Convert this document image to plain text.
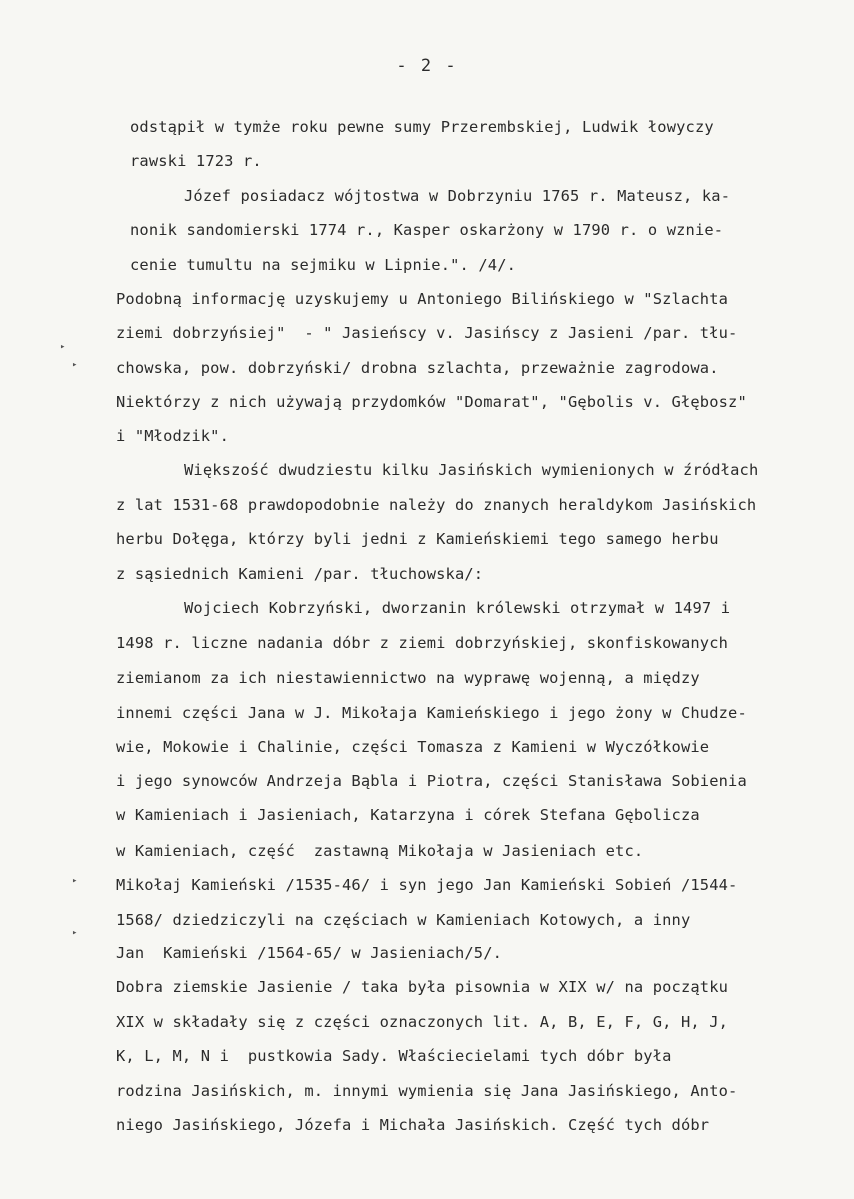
- 2 -
odstąpił w tymże roku pewne sumy Przerembskiej, Ludwik łowyczy
rawski 1723 r.
Józef posiadacz wójtostwa w Dobrzyniu 1765 r. Mateusz, ka-
nonik sandomierski 1774 r., Kasper oskarżony w 1790 r. o wznie-
cenie tumultu na sejmiku w Lipnie.". /4/.
Podobną informację uzyskujemy u Antoniego Bilińskiego w "Szlachta
ziemi dobrzyńsiej"  - " Jasieńscy v. Jasińscy z Jasieni /par. tłu-
chowska, pow. dobrzyński/ drobna szlachta, przeważnie zagrodowa.
Niektórzy z nich używają przydomków "Domarat", "Gębolis v. Głębosz"
i "Młodzik".
Większość dwudziestu kilku Jasińskich wymienionych w źródłach
z lat 1531-68 prawdopodobnie należy do znanych heraldykom Jasińskich
herbu Dołęga, którzy byli jedni z Kamieńskiemi tego samego herbu
z sąsiednich Kamieni /par. tłuchowska/:
Wojciech Kobrzyński, dworzanin królewski otrzymał w 1497 i
1498 r. liczne nadania dóbr z ziemi dobrzyńskiej, skonfiskowanych
ziemianom za ich niestawiennictwo na wyprawę wojenną, a między
innemi części Jana w J. Mikołaja Kamieńskiego i jego żony w Chudze-
wie, Mokowie i Chalinie, części Tomasza z Kamieni w Wyczółkowie
i jego synowców Andrzeja Bąbla i Piotra, części Stanisława Sobienia
w Kamieniach i Jasieniach, Katarzyna i córek Stefana Gębolicza
w Kamieniach, część  zastawną Mikołaja w Jasieniach etc.
Mikołaj Kamieński /1535-46/ i syn jego Jan Kamieński Sobień /1544-
1568/ dziedziczyli na częściach w Kamieniach Kotowych, a inny
Jan  Kamieński /1564-65/ w Jasieniach/5/.
Dobra ziemskie Jasienie / taka była pisownia w XIX w/ na początku
XIX w składały się z części oznaczonych lit. A, B, E, F, G, H, J,
K, L, M, N i  pustkowia Sady. Właściecielami tych dóbr była
rodzina Jasińskich, m. innymi wymienia się Jana Jasińskiego, Anto-
niego Jasińskiego, Józefa i Michała Jasińskich. Część tych dóbr
▸
▸
▸
▸
